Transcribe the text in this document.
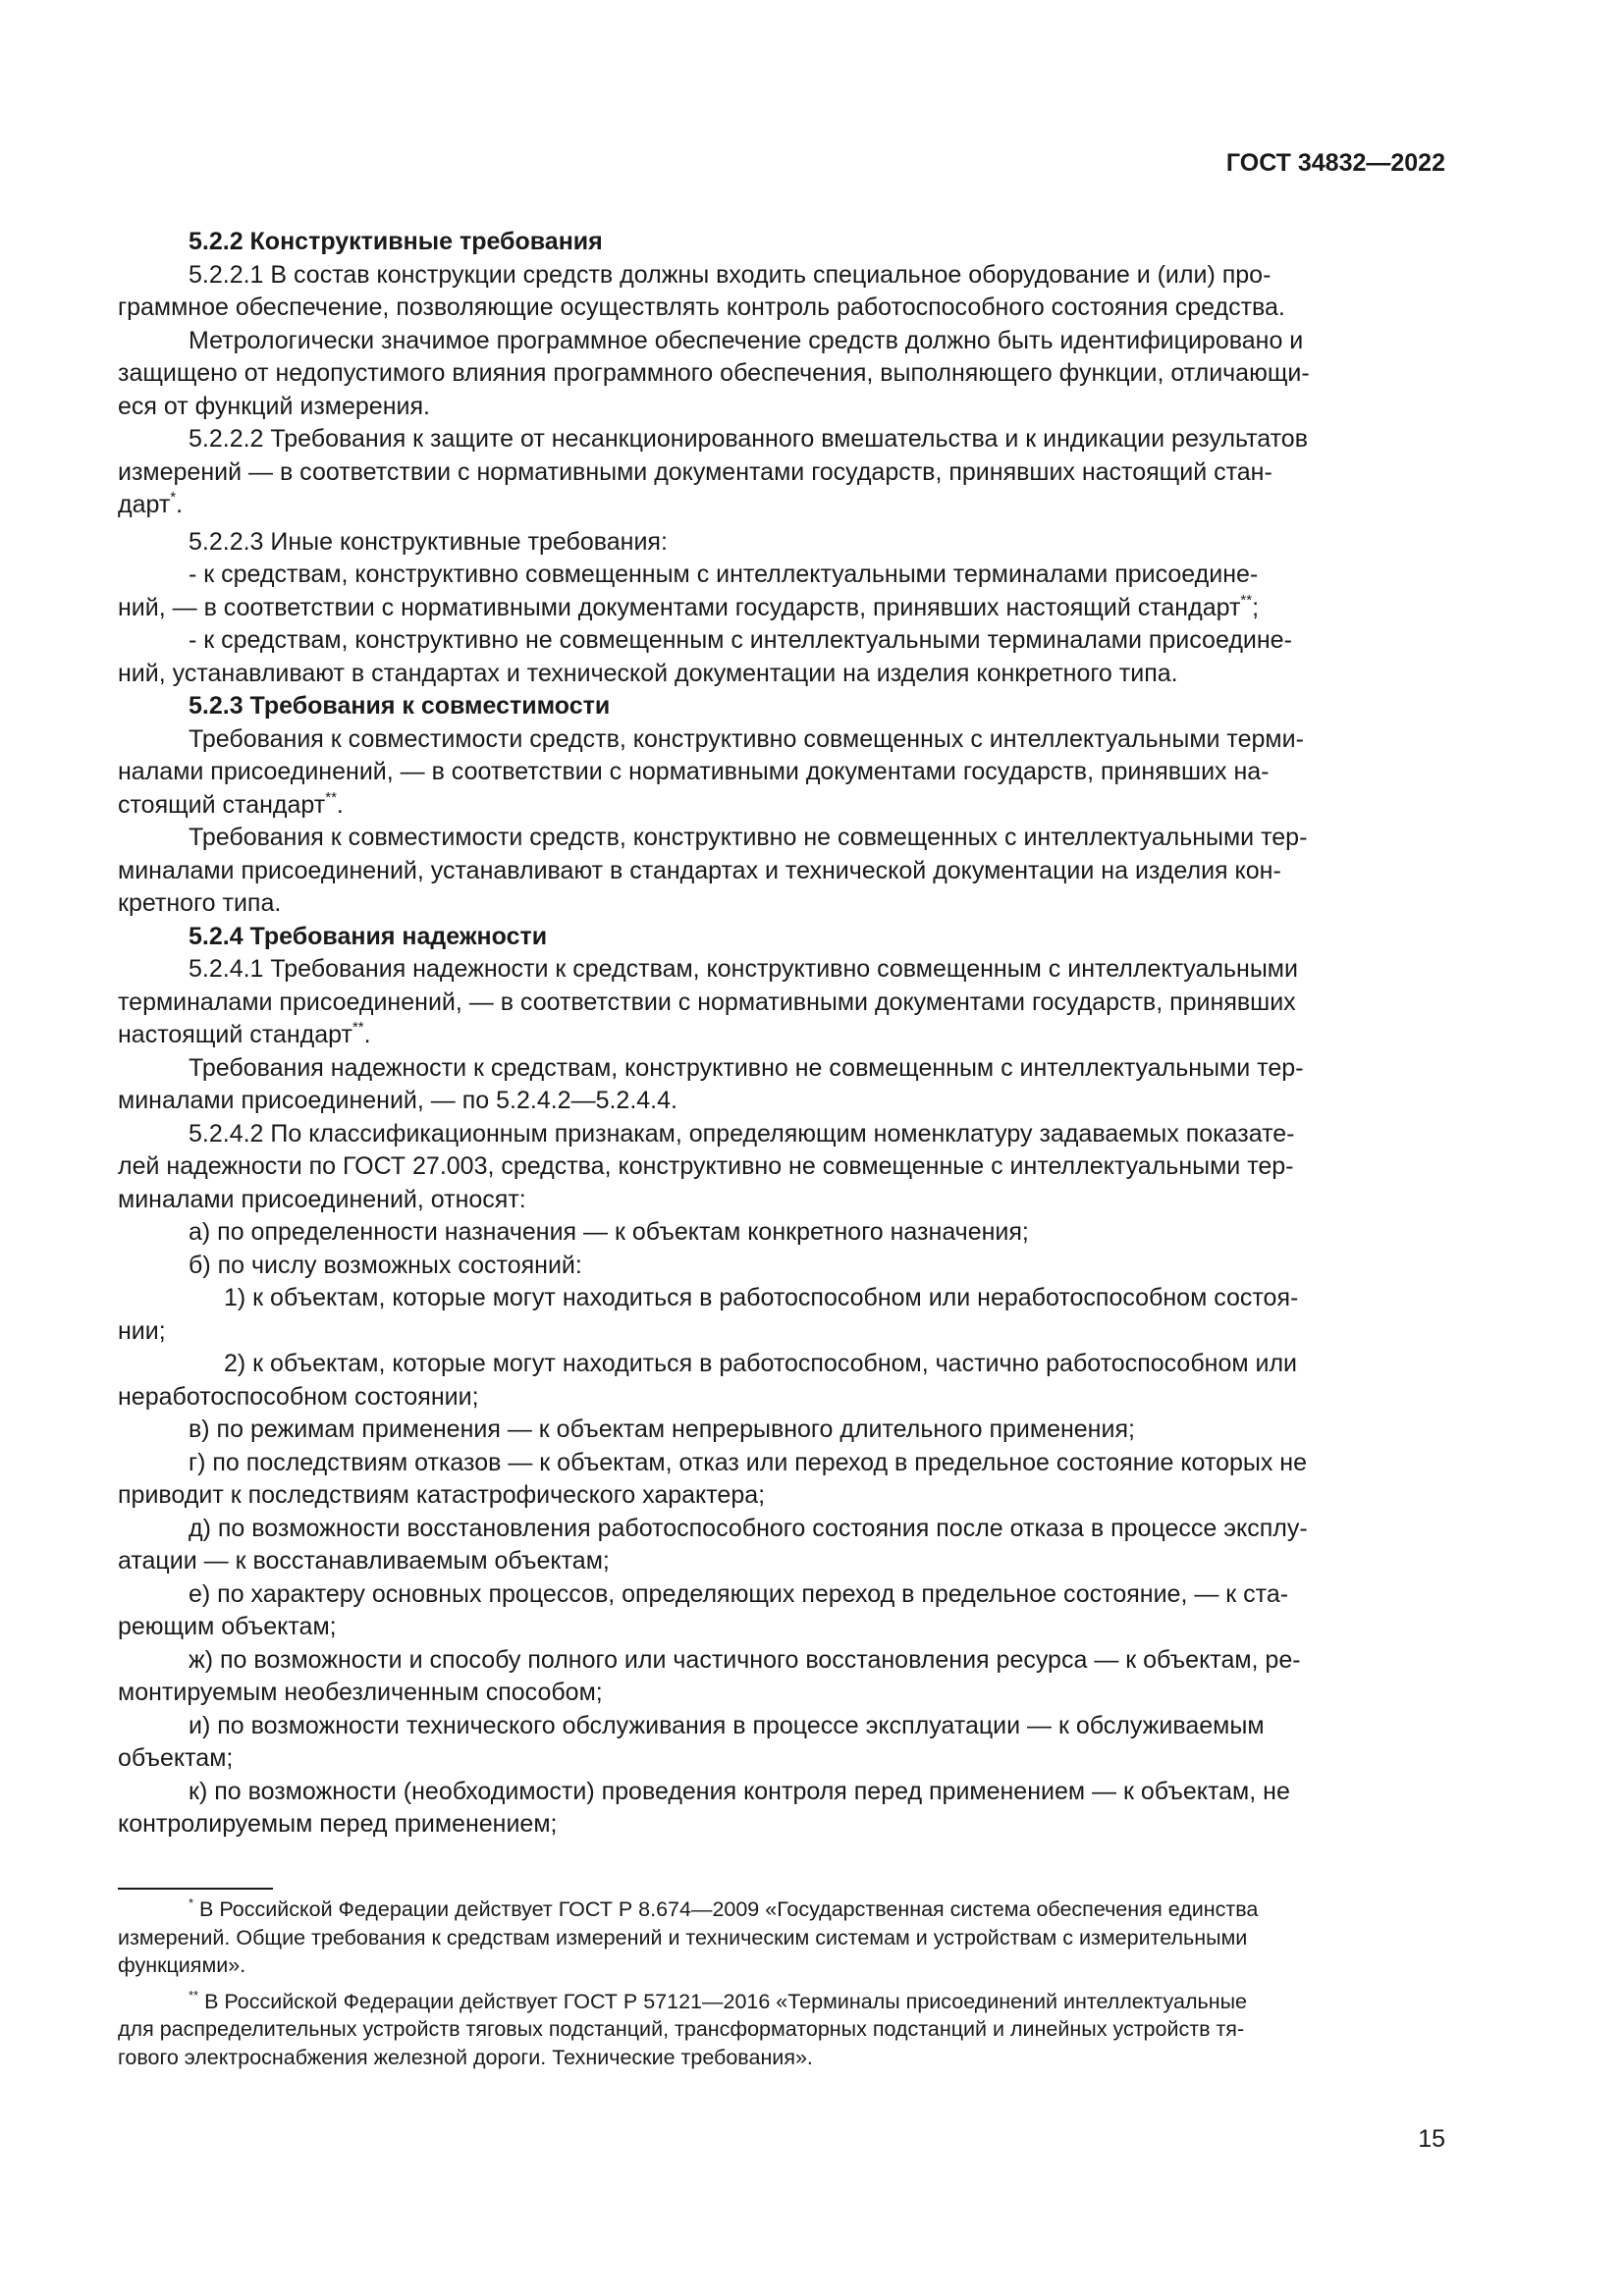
ГОСТ 34832—2022

5.2.2 Конструктивные требования

5.2.2.1 В состав конструкции средств должны входить специальное оборудование и (или) про-
граммное обеспечение, позволяющие осуществлять контроль работоспособного состояния средства.

Метрологически значимое программное обеспечение средств должно быть идентифицировано и
защищено от недопустимого влияния программного обеспечения, выполняющего функции, отличающи-
еся от функций измерения.

5.2.2.2 Требования к защите от несанкционированного вмешательства и к индикации результатов
измерений — в соответствии с нормативными документами государств, принявших настоящий стан-
дарт*.

5.2.2.3 Иные конструктивные требования:

- к средствам, конструктивно совмещенным с интеллектуальными терминалами присоедине-
ний, — в соответствии с нормативными документами государств, принявших настоящий стандарт**;

- к средствам, конструктивно не совмещенным с интеллектуальными терминалами присоедине-
ний, устанавливают в стандартах и технической документации на изделия конкретного типа.

5.2.3 Требования к совместимости

Требования к совместимости средств, конструктивно совмещенных с интеллектуальными терми-
налами присоединений, — в соответствии с нормативными документами государств, принявших на-
стоящий стандарт**.

Требования к совместимости средств, конструктивно не совмещенных с интеллектуальными тер-
миналами присоединений, устанавливают в стандартах и технической документации на изделия кон-
кретного типа.

5.2.4 Требования надежности

5.2.4.1 Требования надежности к средствам, конструктивно совмещенным с интеллектуальными
терминалами присоединений, — в соответствии с нормативными документами государств, принявших
настоящий стандарт**.

Требования надежности к средствам, конструктивно не совмещенным с интеллектуальными тер-
миналами присоединений, — по 5.2.4.2—5.2.4.4.

5.2.4.2 По классификационным признакам, определяющим номенклатуру задаваемых показате-
лей надежности по ГОСТ 27.003, средства, конструктивно не совмещенные с интеллектуальными тер-
миналами присоединений, относят:

а) по определенности назначения — к объектам конкретного назначения;

б) по числу возможных состояний:

1) к объектам, которые могут находиться в работоспособном или неработоспособном состоя-
нии;

2) к объектам, которые могут находиться в работоспособном, частично работоспособном или
неработоспособном состоянии;

в) по режимам применения — к объектам непрерывного длительного применения;

г) по последствиям отказов — к объектам, отказ или переход в предельное состояние которых не
приводит к последствиям катастрофического характера;

д) по возможности восстановления работоспособного состояния после отказа в процессе эксплу-
атации — к восстанавливаемым объектам;

е) по характеру основных процессов, определяющих переход в предельное состояние, — к ста-
реющим объектам;

ж) по возможности и способу полного или частичного восстановления ресурса — к объектам, ре-
монтируемым необезличенным способом;

и) по возможности технического обслуживания в процессе эксплуатации — к обслуживаемым
объектам;

к) по возможности (необходимости) проведения контроля перед применением — к объектам, не
контролируемым перед применением;

* В Российской Федерации действует ГОСТ Р 8.674—2009 «Государственная система обеспечения единства
измерений. Общие требования к средствам измерений и техническим системам и устройствам с измерительными
функциями».

** В Российской Федерации действует ГОСТ Р 57121—2016 «Терминалы присоединений интеллектуальные
для распределительных устройств тяговых подстанций, трансформаторных подстанций и линейных устройств тя-
гового электроснабжения железной дороги. Технические требования».

15
